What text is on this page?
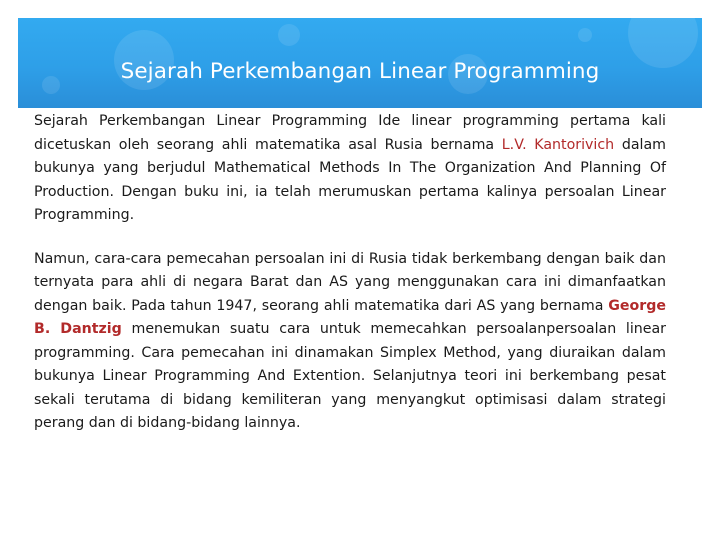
Sejarah Perkembangan Linear Programming

Sejarah Perkembangan Linear Programming Ide linear programming pertama kali dicetuskan oleh seorang ahli matematika asal Rusia bernama L.V. Kantorivich dalam bukunya yang berjudul Mathematical Methods In The Organization And Planning Of Production. Dengan buku ini, ia telah merumuskan pertama kalinya persoalan Linear Programming.

Namun, cara-cara pemecahan persoalan ini di Rusia tidak berkembang dengan baik dan ternyata para ahli di negara Barat dan AS yang menggunakan cara ini dimanfaatkan dengan baik. Pada tahun 1947, seorang ahli matematika dari AS yang bernama George B. Dantzig menemukan suatu cara untuk memecahkan persoalanpersoalan linear programming. Cara pemecahan ini dinamakan Simplex Method, yang diuraikan dalam bukunya Linear Programming And Extention. Selanjutnya teori ini berkembang pesat sekali terutama di bidang kemiliteran yang menyangkut optimisasi dalam strategi perang dan di bidang-bidang lainnya.
